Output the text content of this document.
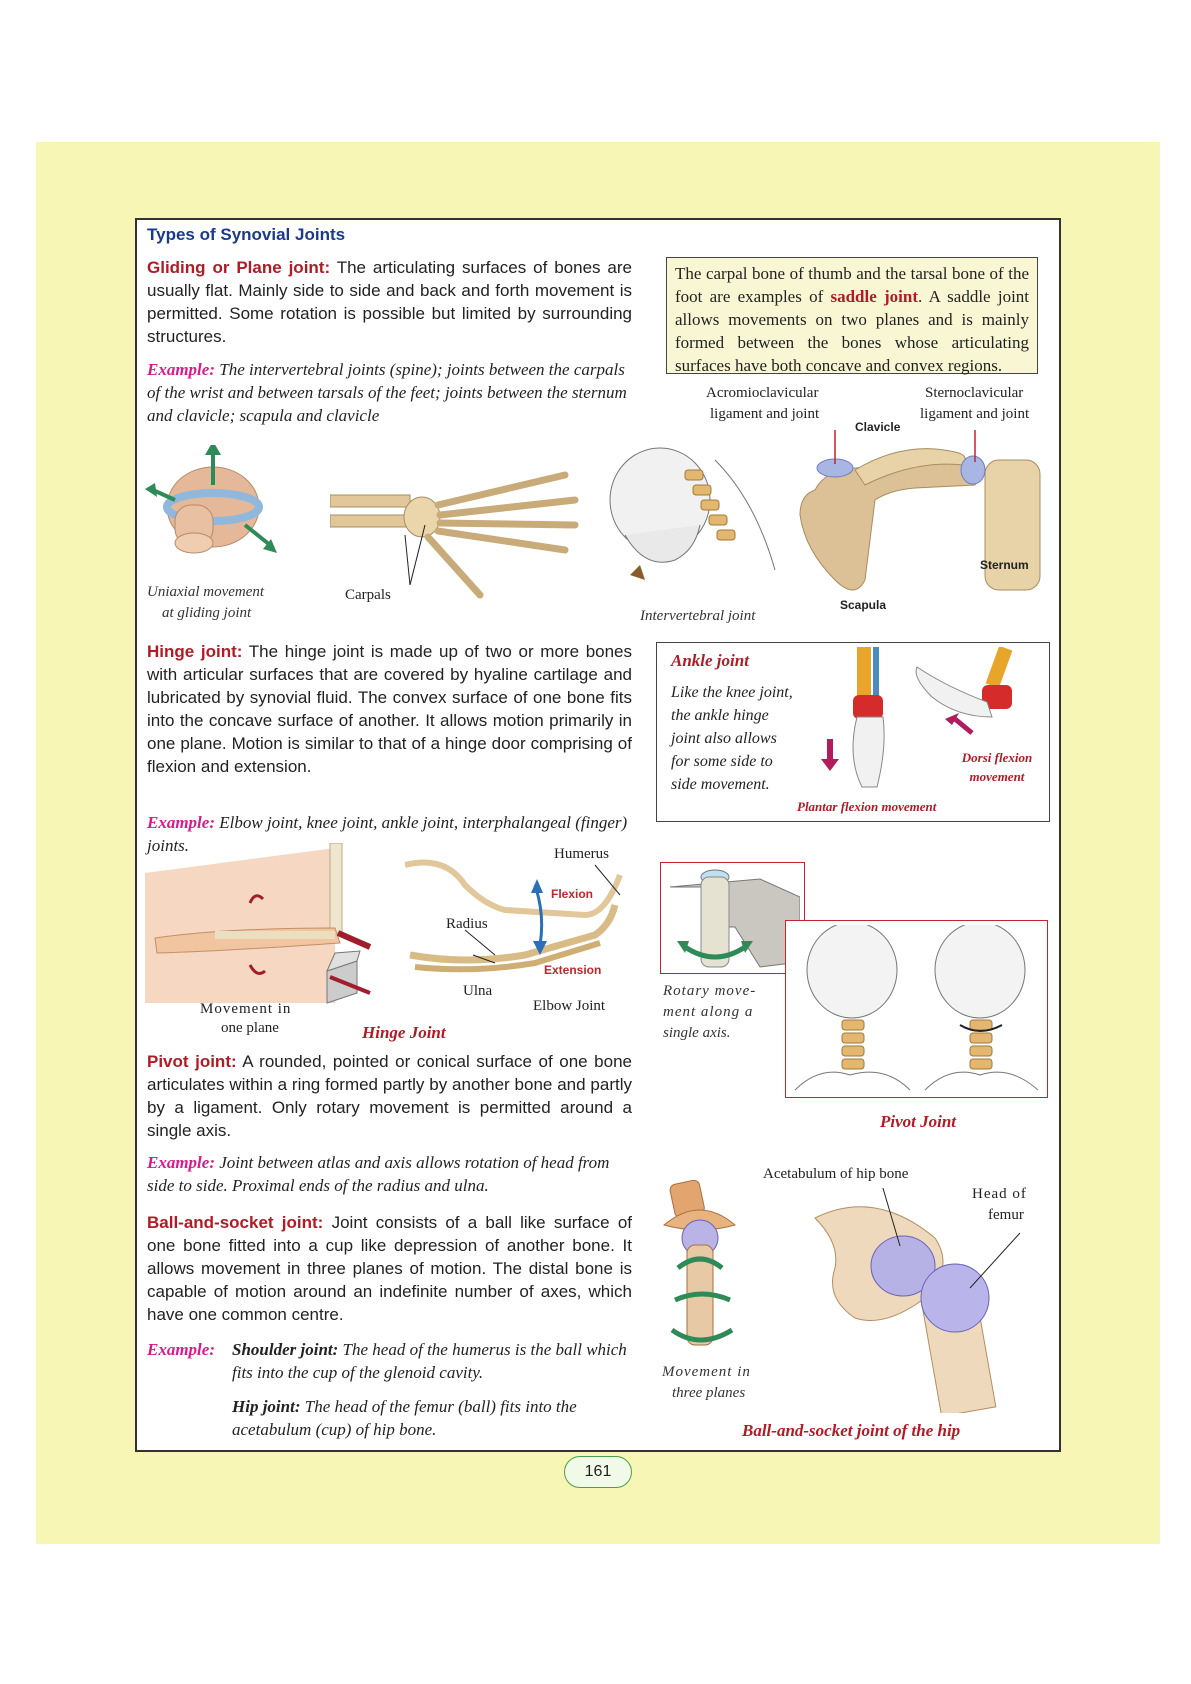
Types of Synovial Joints
Gliding or Plane joint: The articulating surfaces of bones are usually flat. Mainly side to side and back and forth movement is permitted. Some rotation is possible but limited by surrounding structures.
Example: The intervertebral joints (spine); joints between the carpals of the wrist and between tarsals of the feet; joints between the sternum and clavicle; scapula and clavicle
The carpal bone of thumb and the tarsal bone of the foot are examples of saddle joint. A saddle joint allows movements on two planes and is mainly formed between the bones whose articulating surfaces have both concave and convex regions.
Uniaxial movement
at gliding joint
Carpals
Intervertebral joint
Acromioclavicular
ligament and joint
Sternoclavicular
ligament and joint
Clavicle
Sternum
Scapula
Hinge joint: The hinge joint is made up of two or more bones with articular surfaces that are covered by hyaline cartilage and lubricated by synovial fluid. The convex surface of one bone fits into the concave surface of another. It allows motion primarily in one plane. Motion is similar to that of a hinge door comprising of flexion and extension.
Example: Elbow joint, knee joint, ankle joint, interphalangeal (finger) joints.
Ankle joint
Like the knee joint, the ankle hinge joint also allows for some side to side movement.
Dorsi flexion
movement
Plantar flexion movement
Movement in
one plane	Hinge Joint
Humerus
Flexion
Radius
Extension
Ulna
Elbow Joint
Pivot joint: A rounded, pointed or conical surface of one bone articulates within a ring formed partly by another bone and partly by a ligament. Only rotary movement is permitted around a single axis.
Example: Joint between atlas and axis allows rotation of head from side to side. Proximal ends of the radius and ulna.
Rotary move-
ment along a
single axis.
Pivot Joint
Ball-and-socket joint: Joint consists of a ball like surface of one bone fitted into a cup like depression of another bone. It allows movement in three planes of motion. The distal bone is capable of motion around an indefinite number of axes, which have one common centre.
Example: Shoulder joint: The head of the humerus is the ball which fits into the cup of the glenoid cavity.
Hip joint: The head of the femur (ball) fits into the acetabulum (cup) of hip bone.
Movement in
three planes
Acetabulum of hip bone
Head of
femur
Ball-and-socket joint of the hip
161
